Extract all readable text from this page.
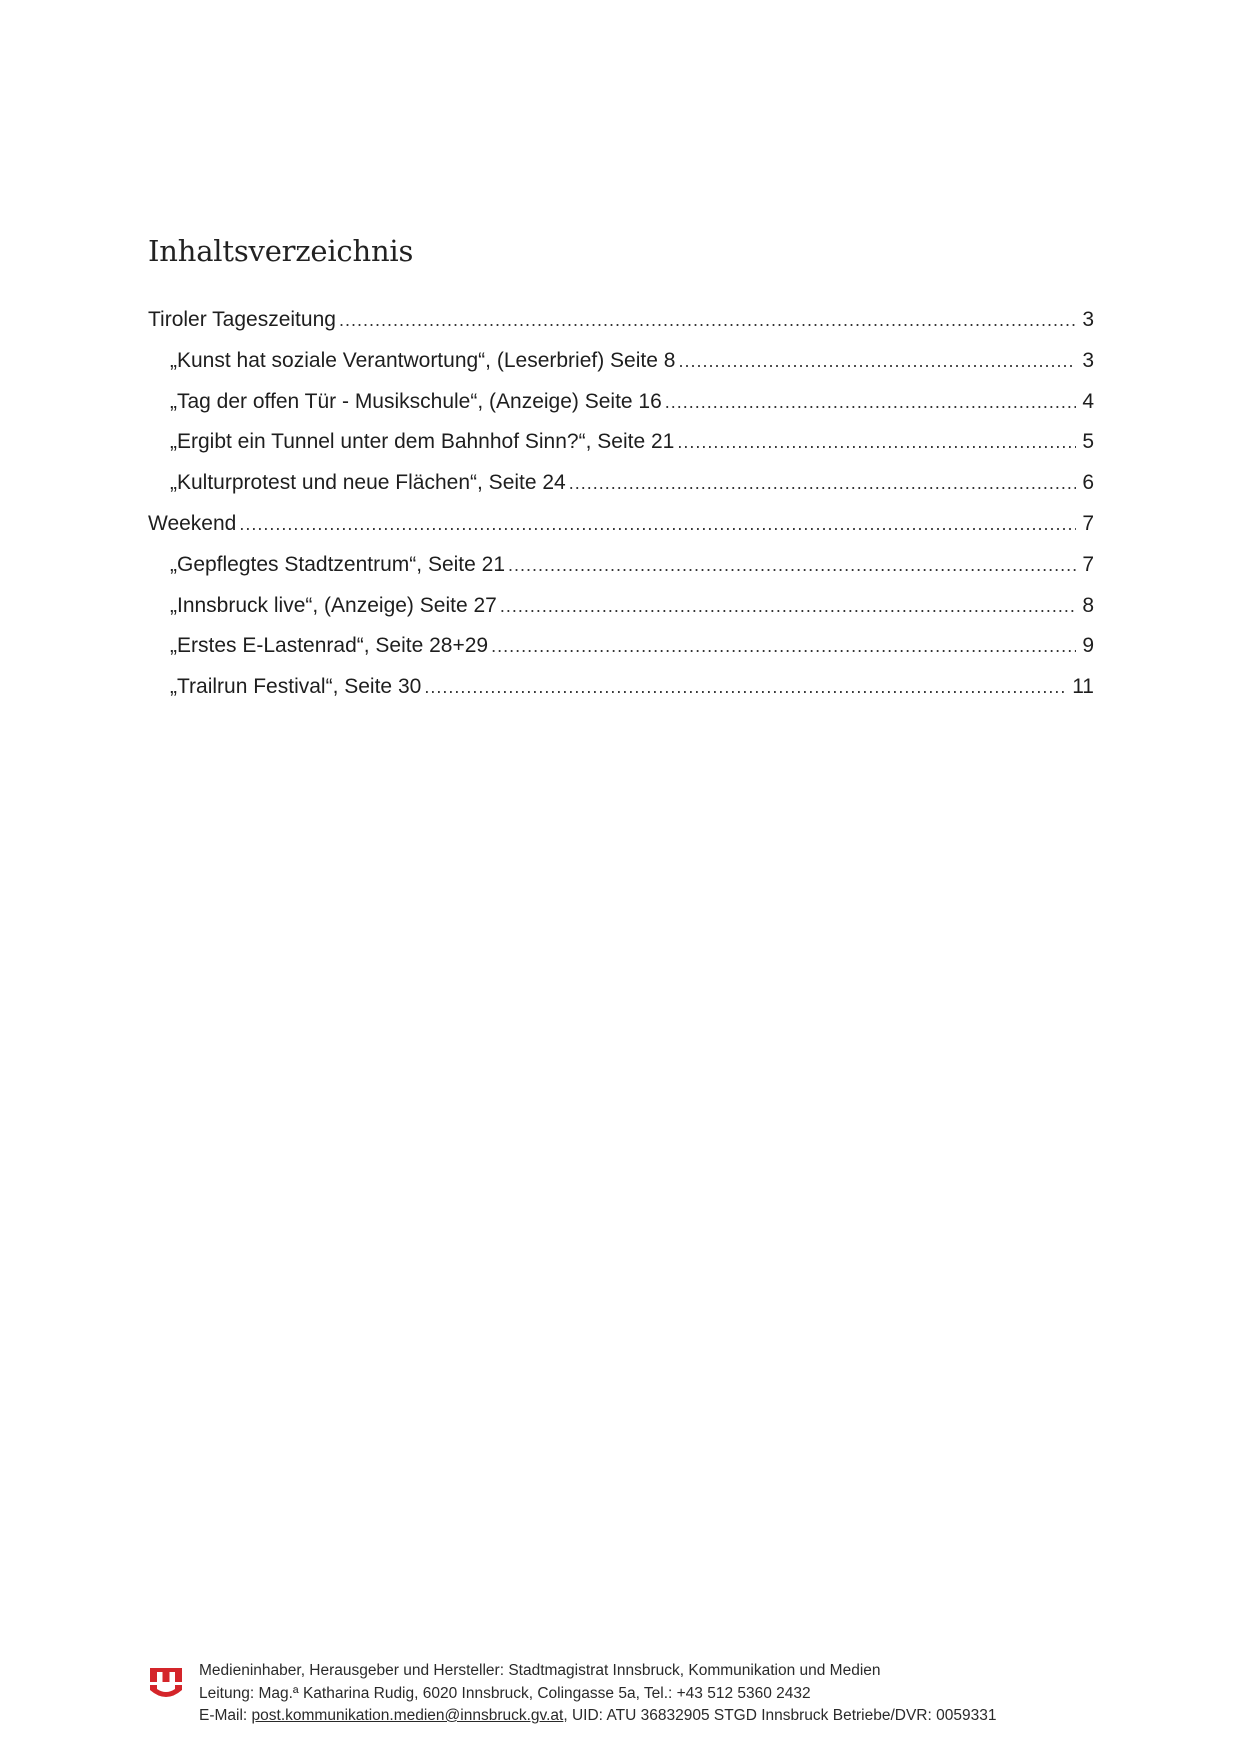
Inhaltsverzeichnis
Tiroler Tageszeitung .....	3
„Kunst hat soziale Verantwortung“, (Leserbrief) Seite 8 .....	3
„Tag der offen Tür - Musikschule“, (Anzeige) Seite 16 .....	4
„Ergibt ein Tunnel unter dem Bahnhof Sinn?“, Seite 21 .....	5
„Kulturprotest und neue Flächen“, Seite 24 .....	6
Weekend .....	7
„Gepflegtes Stadtzentrum“, Seite 21 .....	7
„Innsbruck live“, (Anzeige) Seite 27 .....	8
„Erstes E-Lastenrad“, Seite 28+29 .....	9
„Trailrun Festival“, Seite 30 .....	11
Medieninhaber, Herausgeber und Hersteller: Stadtmagistrat Innsbruck, Kommunikation und Medien
Leitung: Mag.ª Katharina Rudig, 6020 Innsbruck, Colingasse 5a, Tel.: +43 512 5360 2432
E-Mail: post.kommunikation.medien@innsbruck.gv.at, UID: ATU 36832905 STGD Innsbruck Betriebe/DVR: 0059331
